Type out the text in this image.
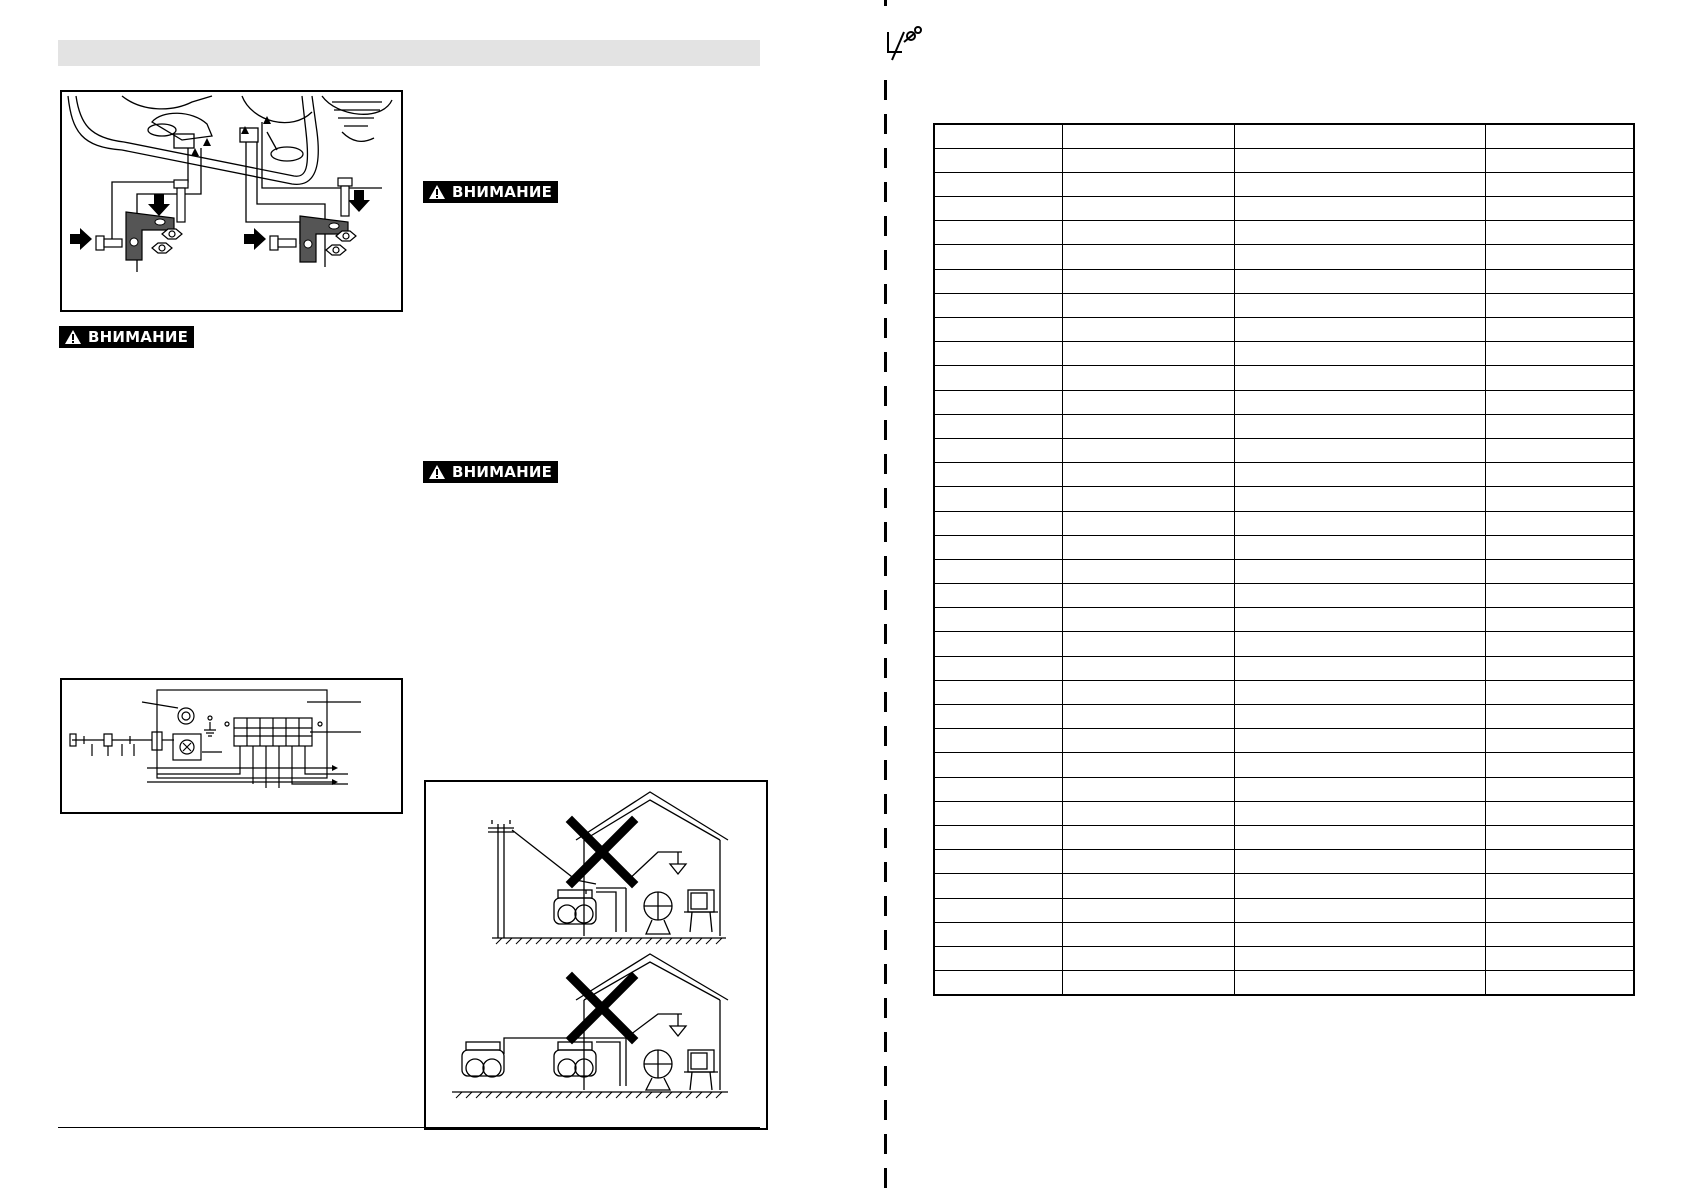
ВНИМАНИЕ
ВНИМАНИЕ
ВНИМАНИЕ
